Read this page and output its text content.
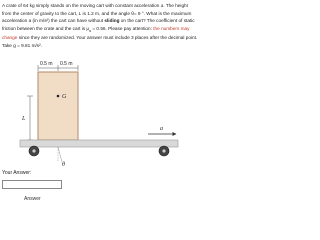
A crate of 64 kg simply stands on the moving cart with constant acceleration a. The height from the center of gravity to the cart, L is 1.2 m, and the angle θ= 9 °. What is the maximum acceleration a (in m/s²) the cart can have without sliding on the cart? The coefficient of static friction between the crate and the cart is $\mu_s = 0.56$. Please pay attention: the numbers may change since they are randomized. Your answer must include 3 places after the decimal point. Take g = 9.81 m/s².
0.5 m 0.5 m
G
L
a
θ
Your Answer:
Answer
